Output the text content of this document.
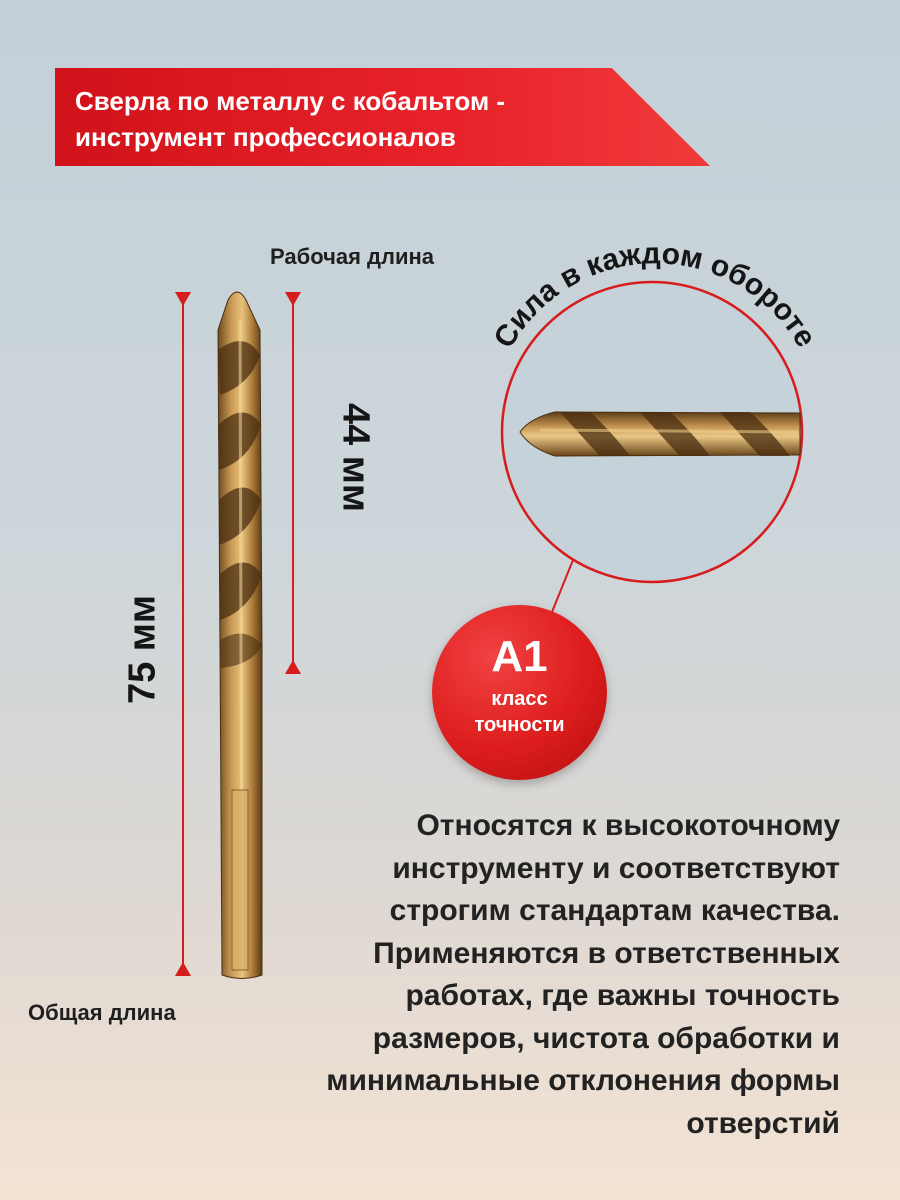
Сверла по металлу с кобальтом - инструмент профессионалов
Рабочая длина
Общая длина
Сила в каждом обороте
44 мм
75 мм	A1
класс
точности
Относятся к высокоточному инструменту и соответствуют строгим стандартам качества. Применяются в ответственных работах, где важны точность размеров, чистота обработки и минимальные отклонения формы отверстий
